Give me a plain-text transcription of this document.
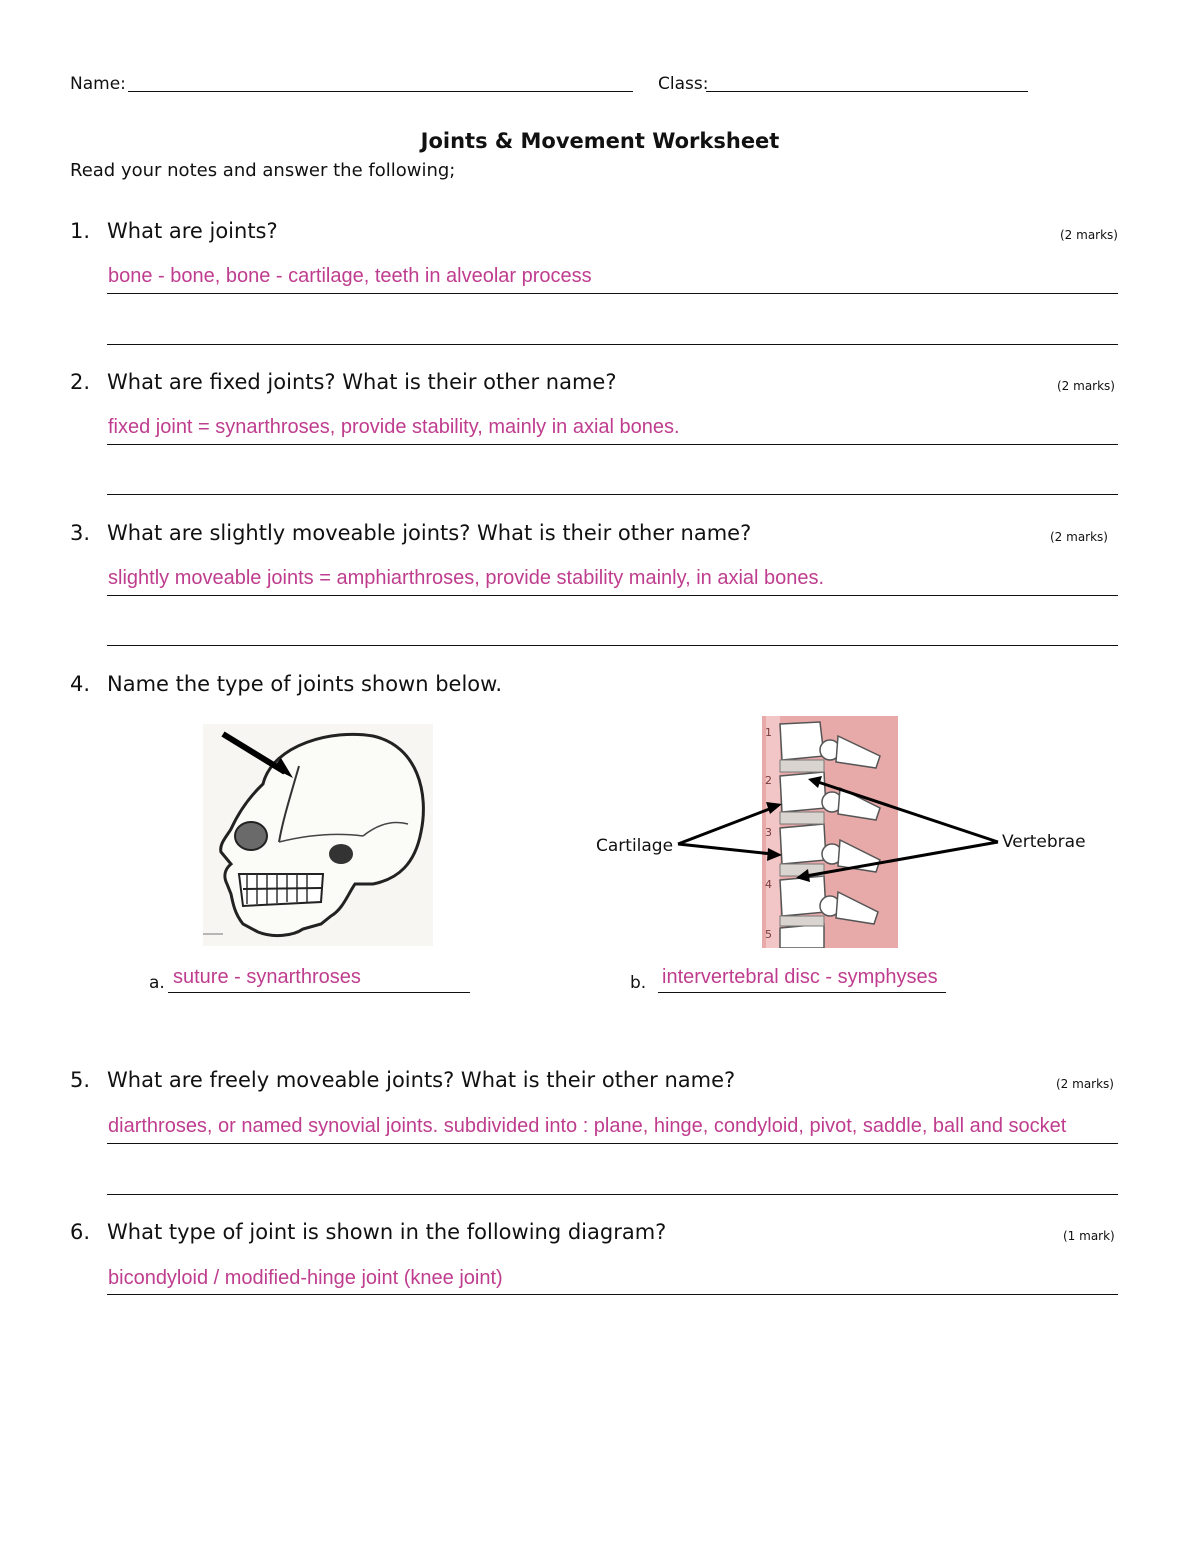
Name:	Class:
Joints & Movement Worksheet
Read your notes and answer the following;
1. What are joints?	(2 marks)
bone - bone, bone - cartilage, teeth in alveolar process
2. What are fixed joints? What is their other name?	(2 marks)
fixed joint = synarthroses, provide stability, mainly in axial bones.
3. What are slightly moveable joints? What is their other name?	(2 marks)
slightly moveable joints = amphiarthroses, provide stability mainly, in axial bones.
4. Name the type of joints shown below.
1
2
3
4
5
Cartilage	Vertebrae
a. suture - synarthroses	b. intervertebral disc - symphyses
5. What are freely moveable joints? What is their other name?	(2 marks)
diarthroses, or named synovial joints. subdivided into : plane, hinge, condyloid, pivot, saddle, ball and socket
6. What type of joint is shown in the following diagram?	(1 mark)
bicondyloid / modified-hinge joint (knee joint)
